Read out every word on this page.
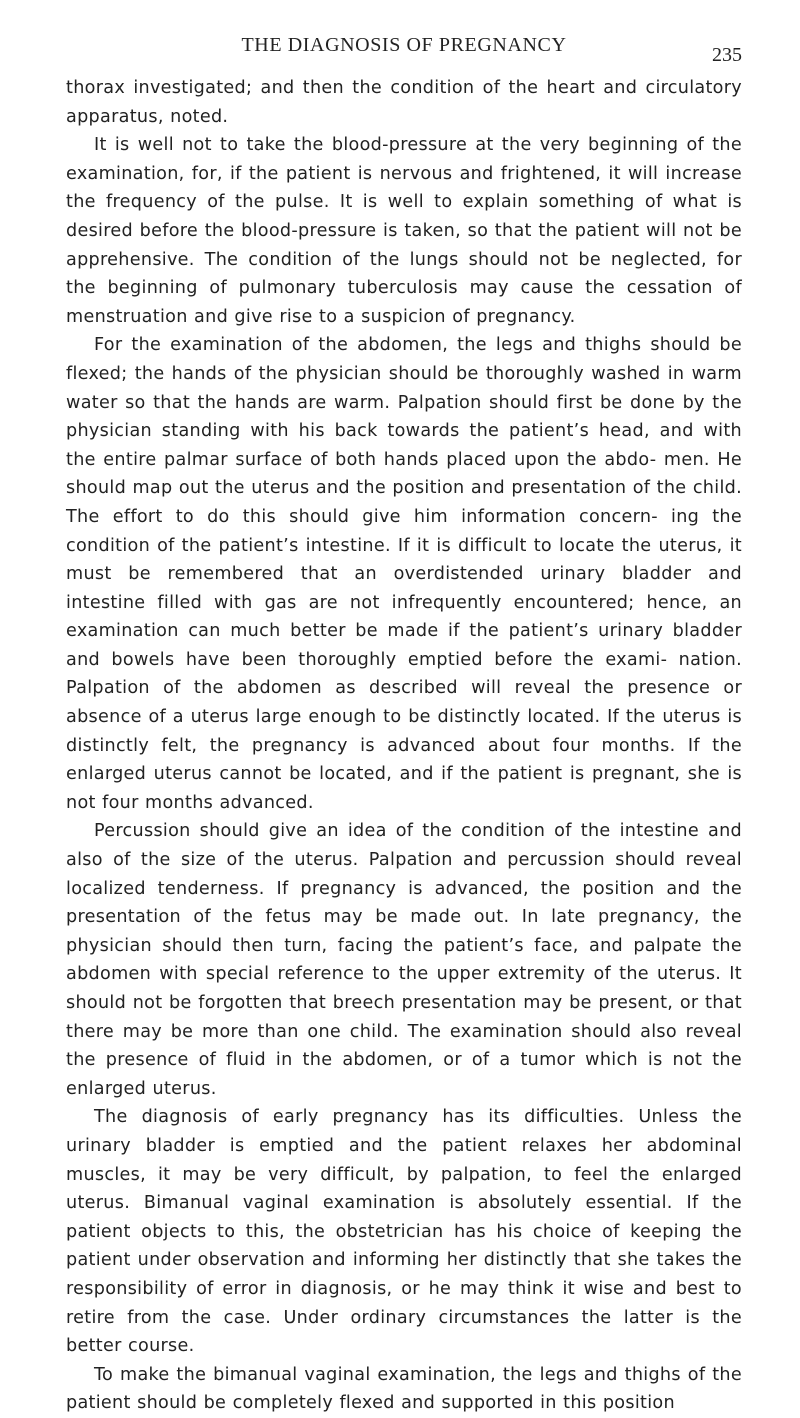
THE DIAGNOSIS OF PREGNANCY	235

thorax investigated; and then the condition of the heart and circulatory apparatus, noted.

It is well not to take the blood-pressure at the very beginning of the examination, for, if the patient is nervous and frightened, it will increase the frequency of the pulse. It is well to explain something of what is desired before the blood-pressure is taken, so that the patient will not be apprehensive. The condition of the lungs should not be neglected, for the beginning of pulmonary tuberculosis may cause the cessation of menstruation and give rise to a suspicion of pregnancy.

For the examination of the abdomen, the legs and thighs should be flexed; the hands of the physician should be thoroughly washed in warm water so that the hands are warm. Palpation should first be done by the physician standing with his back towards the patient’s head, and with the entire palmar surface of both hands placed upon the abdo- men. He should map out the uterus and the position and presentation of the child. The effort to do this should give him information concern- ing the condition of the patient’s intestine. If it is difficult to locate the uterus, it must be remembered that an overdistended urinary bladder and intestine filled with gas are not infrequently encountered; hence, an examination can much better be made if the patient’s urinary bladder and bowels have been thoroughly emptied before the exami- nation. Palpation of the abdomen as described will reveal the presence or absence of a uterus large enough to be distinctly located. If the uterus is distinctly felt, the pregnancy is advanced about four months. If the enlarged uterus cannot be located, and if the patient is pregnant, she is not four months advanced.

Percussion should give an idea of the condition of the intestine and also of the size of the uterus. Palpation and percussion should reveal localized tenderness. If pregnancy is advanced, the position and the presentation of the fetus may be made out. In late pregnancy, the physician should then turn, facing the patient’s face, and palpate the abdomen with special reference to the upper extremity of the uterus. It should not be forgotten that breech presentation may be present, or that there may be more than one child. The examination should also reveal the presence of fluid in the abdomen, or of a tumor which is not the enlarged uterus.

The diagnosis of early pregnancy has its difficulties. Unless the urinary bladder is emptied and the patient relaxes her abdominal muscles, it may be very difficult, by palpation, to feel the enlarged uterus. Bimanual vaginal examination is absolutely essential. If the patient objects to this, the obstetrician has his choice of keeping the patient under observation and informing her distinctly that she takes the responsibility of error in diagnosis, or he may think it wise and best to retire from the case. Under ordinary circumstances the latter is the better course.

To make the bimanual vaginal examination, the legs and thighs of the patient should be completely flexed and supported in this position
